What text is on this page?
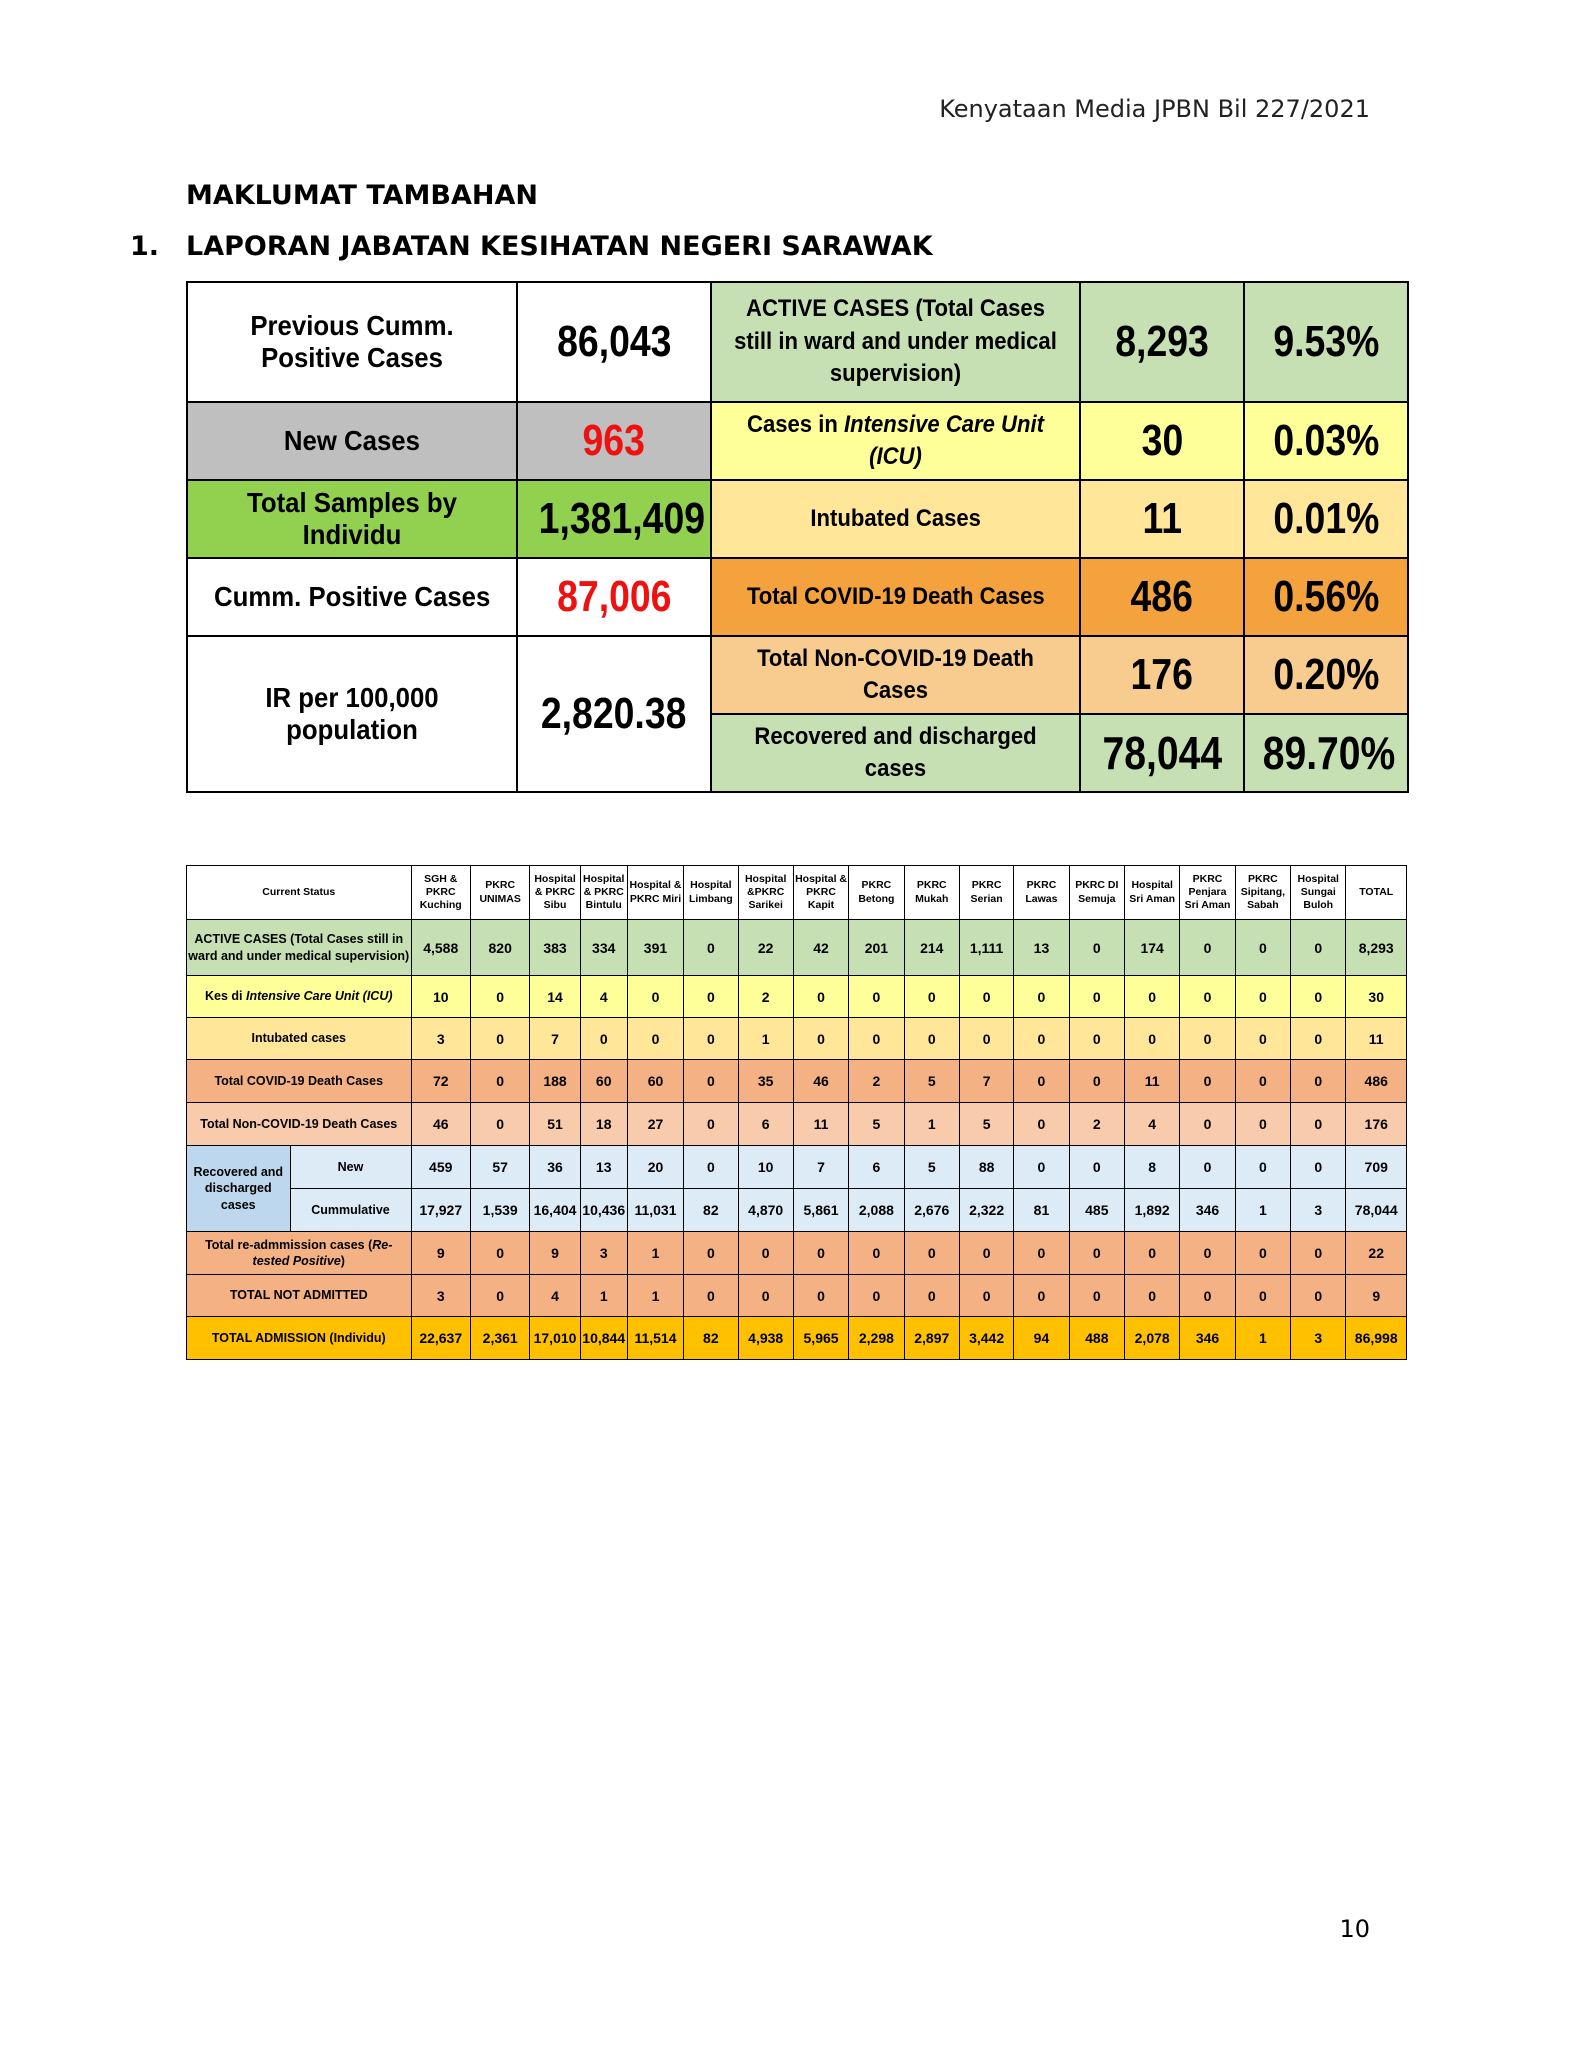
Kenyataan Media JPBN Bil 227/2021
MAKLUMAT TAMBAHAN
1. LAPORAN JABATAN KESIHATAN NEGERI SARAWAK
Previous Cumm. Positive Cases	86,043	ACTIVE CASES (Total Cases still in ward and under medical supervision)	8,293	9.53%
New Cases	963	Cases in Intensive Care Unit (ICU)	30	0.03%
Total Samples by Individu	1,381,409	Intubated Cases	11	0.01%
Cumm. Positive Cases	87,006	Total COVID-19 Death Cases	486	0.56%
IR per 100,000 population	2,820.38	Total Non-COVID-19 Death Cases	176	0.20%
		Recovered and discharged cases	78,044	89.70%
Current Status		SGH & PKRC Kuching	PKRC UNIMAS	Hospital & PKRC Sibu	Hospital & PKRC Bintulu	Hospital & PKRC Miri	Hospital Limbang	Hospital &PKRC Sarikei	Hospital & PKRC Kapit	PKRC Betong	PKRC Mukah	PKRC Serian	PKRC Lawas	PKRC DI Semuja	Hospital Sri Aman	PKRC Penjara Sri Aman	PKRC Sipitang, Sabah	Hospital Sungai Buloh	TOTAL
ACTIVE CASES (Total Cases still in ward and under medical supervision)		4,588	820	383	334	391	0	22	42	201	214	1,111	13	0	174	0	0	0	8,293
Kes di Intensive Care Unit (ICU)		10	0	14	4	0	0	2	0	0	0	0	0	0	0	0	0	0	30
Intubated cases		3	0	7	0	0	0	1	0	0	0	0	0	0	0	0	0	0	11
Total COVID-19 Death Cases		72	0	188	60	60	0	35	46	2	5	7	0	0	11	0	0	0	486
Total Non-COVID-19 Death Cases		46	0	51	18	27	0	6	11	5	1	5	0	2	4	0	0	0	176
Recovered and discharged cases	New	459	57	36	13	20	0	10	7	6	5	88	0	0	8	0	0	0	709
	Cummulative	17,927	1,539	16,404	10,436	11,031	82	4,870	5,861	2,088	2,676	2,322	81	485	1,892	346	1	3	78,044
Total re-admmission cases (Re-tested Positive)		9	0	9	3	1	0	0	0	0	0	0	0	0	0	0	0	0	22
TOTAL NOT ADMITTED		3	0	4	1	1	0	0	0	0	0	0	0	0	0	0	0	0	9
TOTAL ADMISSION (Individu)		22,637	2,361	17,010	10,844	11,514	82	4,938	5,965	2,298	2,897	3,442	94	488	2,078	346	1	3	86,998
10
